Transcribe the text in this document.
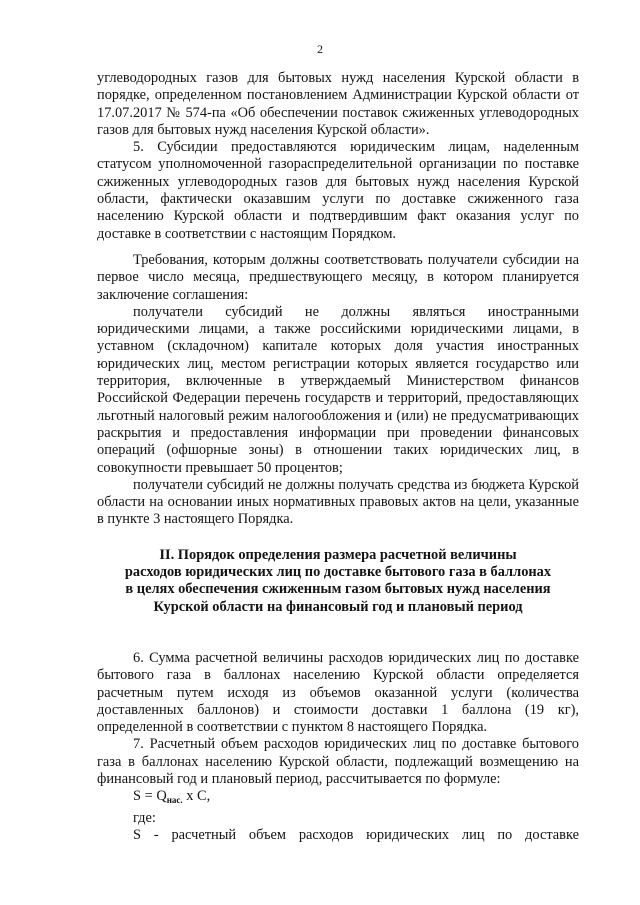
2

углеводородных газов для бытовых нужд населения Курской области в порядке, определенном постановлением Администрации Курской области от 17.07.2017 № 574-па «Об обеспечении поставок сжиженных углеводородных газов для бытовых нужд населения Курской области».

5. Субсидии предоставляются юридическим лицам, наделенным статусом уполномоченной газораспределительной организации по поставке сжиженных углеводородных газов для бытовых нужд населения Курской области, фактически оказавшим услуги по доставке сжиженного газа населению Курской области и подтвердившим факт оказания услуг по доставке в соответствии с настоящим Порядком.

Требования, которым должны соответствовать получатели субсидии на первое число месяца, предшествующего месяцу, в котором планируется заключение соглашения:

получатели субсидий не должны являться иностранными юридическими лицами, а также российскими юридическими лицами, в уставном (складочном) капитале которых доля участия иностранных юридических лиц, местом регистрации которых является государство или территория, включенные в утверждаемый Министерством финансов Российской Федерации перечень государств и территорий, предоставляющих льготный налоговый режим налогообложения и (или) не предусматривающих раскрытия и предоставления информации при проведении финансовых операций (офшорные зоны) в отношении таких юридических лиц, в совокупности превышает 50 процентов;

получатели субсидий не должны получать средства из бюджета Курской области на основании иных нормативных правовых актов на цели, указанные в пункте 3 настоящего Порядка.

II. Порядок определения размера расчетной величины
расходов юридических лиц по доставке бытового газа в баллонах
в целях обеспечения сжиженным газом бытовых нужд населения
Курской области на финансовый год и плановый период

6. Сумма расчетной величины расходов юридических лиц по доставке бытового газа в баллонах населению Курской области определяется расчетным путем исходя из объемов оказанной услуги (количества доставленных баллонов) и стоимости доставки 1 баллона (19 кг), определенной в соответствии с пунктом 8 настоящего Порядка.

7. Расчетный объем расходов юридических лиц по доставке бытового газа в баллонах населению Курской области, подлежащий возмещению на финансовый год и плановый период, рассчитывается по формуле:

$S = Q_{нас.}$ х С,

где:

S - расчетный объем расходов юридических лиц по доставке
